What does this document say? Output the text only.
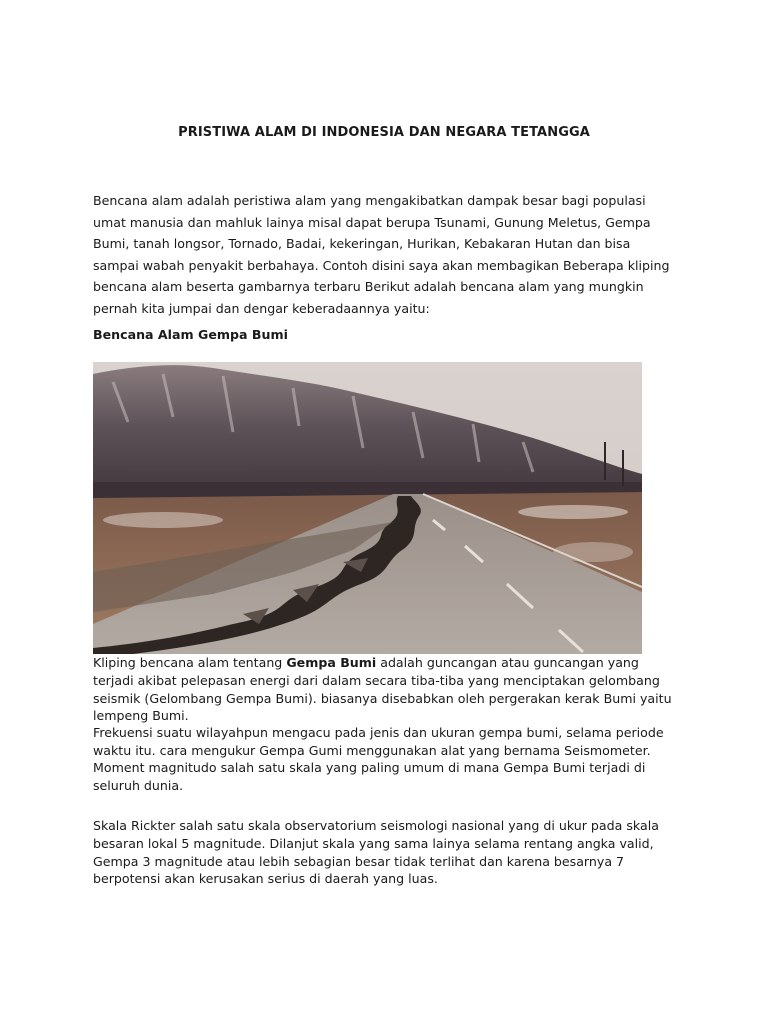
PRISTIWA ALAM DI INDONESIA DAN NEGARA TETANGGA

Bencana alam adalah peristiwa alam yang mengakibatkan dampak besar bagi populasi umat manusia dan mahluk lainya misal dapat berupa Tsunami, Gunung Meletus, Gempa Bumi, tanah longsor, Tornado, Badai, kekeringan, Hurikan, Kebakaran Hutan dan bisa sampai wabah penyakit berbahaya. Contoh disini saya akan membagikan Beberapa kliping bencana alam beserta gambarnya terbaru Berikut adalah bencana alam yang mungkin pernah kita jumpai dan dengar keberadaannya yaitu:

Bencana Alam Gempa Bumi

Kliping bencana alam tentang Gempa Bumi adalah guncangan atau guncangan yang terjadi akibat pelepasan energi dari dalam secara tiba-tiba yang menciptakan gelombang seismik (Gelombang Gempa Bumi). biasanya disebabkan oleh pergerakan kerak Bumi yaitu lempeng Bumi.

Frekuensi suatu wilayahpun mengacu pada jenis dan ukuran gempa bumi, selama periode waktu itu. cara mengukur Gempa Gumi menggunakan alat yang bernama Seismometer.

Moment magnitudo salah satu skala yang paling umum di mana Gempa Bumi terjadi di seluruh dunia.

Skala Rickter salah satu skala observatorium seismologi nasional yang di ukur pada skala besaran lokal 5 magnitude. Dilanjut skala yang sama lainya selama rentang angka valid, Gempa 3 magnitude atau lebih sebagian besar tidak terlihat dan karena besarnya 7 berpotensi akan kerusakan serius di daerah yang luas.
